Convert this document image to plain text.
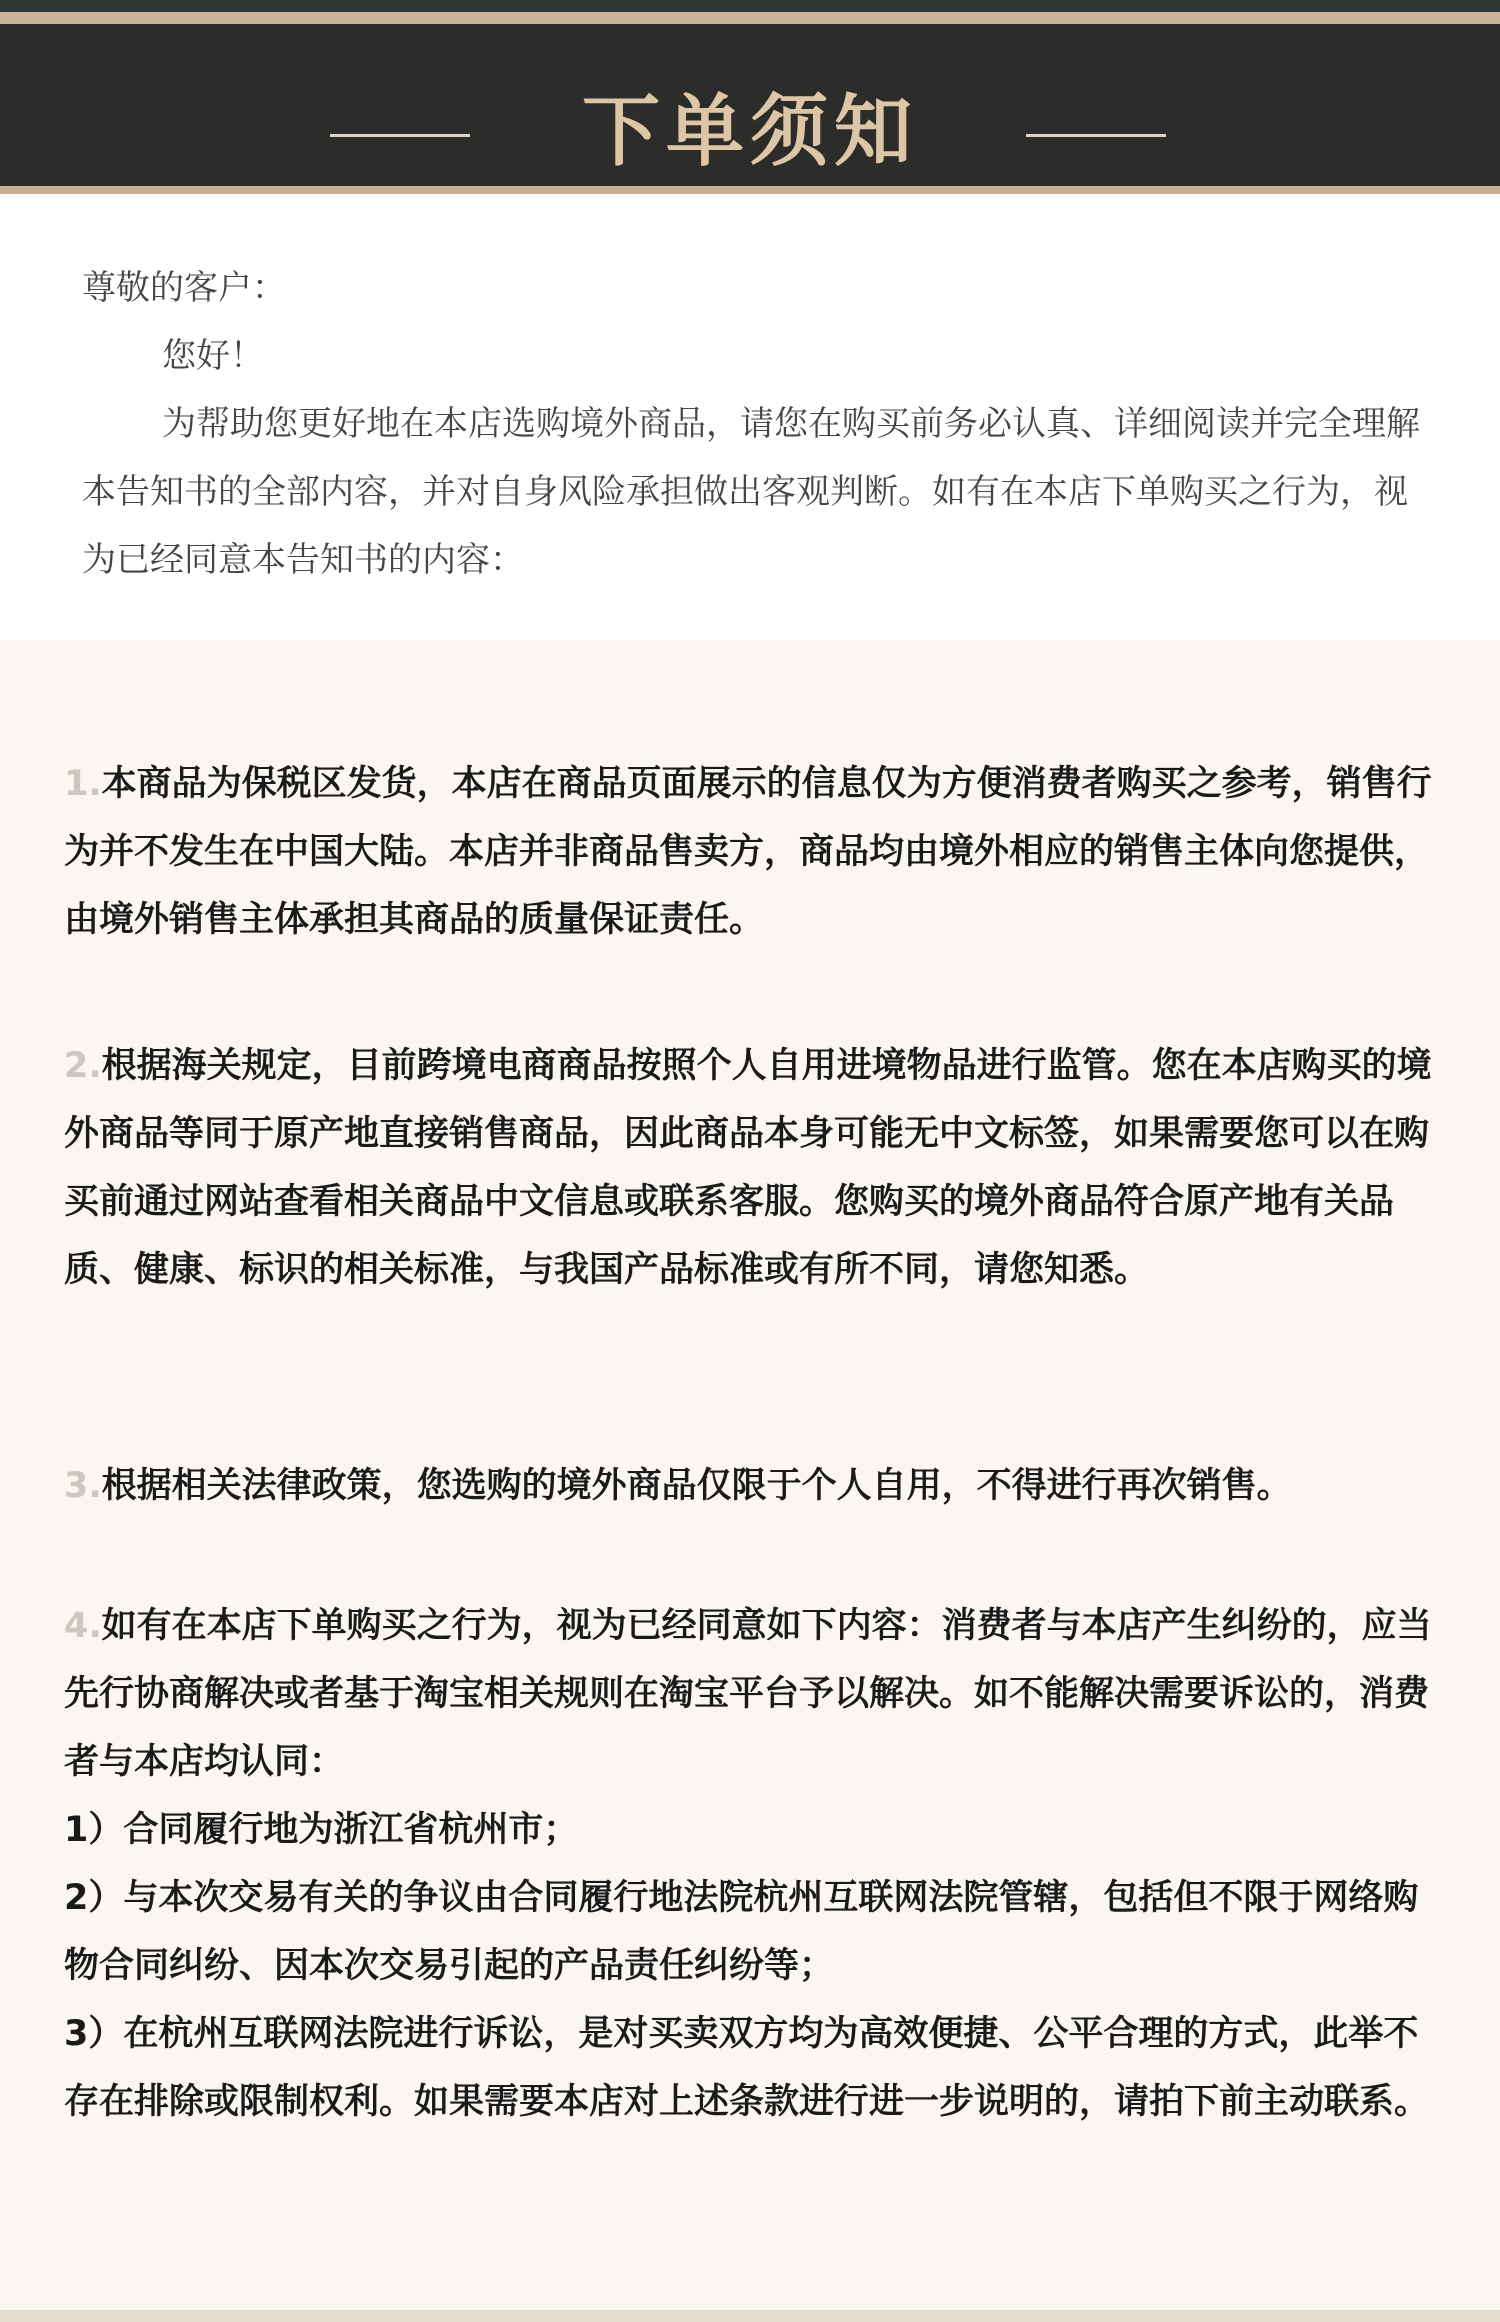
下单须知

尊敬的客户：

您好！

为帮助您更好地在本店选购境外商品，请您在购买前务必认真、详细阅读并完全理解本告知书的全部内容，并对自身风险承担做出客观判断。如有在本店下单购买之行为，视为已经同意本告知书的内容：

1.本商品为保税区发货，本店在商品页面展示的信息仅为方便消费者购买之参考，销售行为并不发生在中国大陆。本店并非商品售卖方，商品均由境外相应的销售主体向您提供，由境外销售主体承担其商品的质量保证责任。
2.根据海关规定，目前跨境电商商品按照个人自用进境物品进行监管。您在本店购买的境外商品等同于原产地直接销售商品，因此商品本身可能无中文标签，如果需要您可以在购买前通过网站查看相关商品中文信息或联系客服。您购买的境外商品符合原产地有关品质、健康、标识的相关标准，与我国产品标准或有所不同，请您知悉。
3.根据相关法律政策，您选购的境外商品仅限于个人自用，不得进行再次销售。
4.如有在本店下单购买之行为，视为已经同意如下内容：消费者与本店产生纠纷的，应当先行协商解决或者基于淘宝相关规则在淘宝平台予以解决。如不能解决需要诉讼的，消费者与本店均认同：
1）合同履行地为浙江省杭州市；
2）与本次交易有关的争议由合同履行地法院杭州互联网法院管辖，包括但不限于网络购物合同纠纷、因本次交易引起的产品责任纠纷等；
3）在杭州互联网法院进行诉讼，是对买卖双方均为高效便捷、公平合理的方式，此举不存在排除或限制权利。如果需要本店对上述条款进行进一步说明的，请拍下前主动联系。
